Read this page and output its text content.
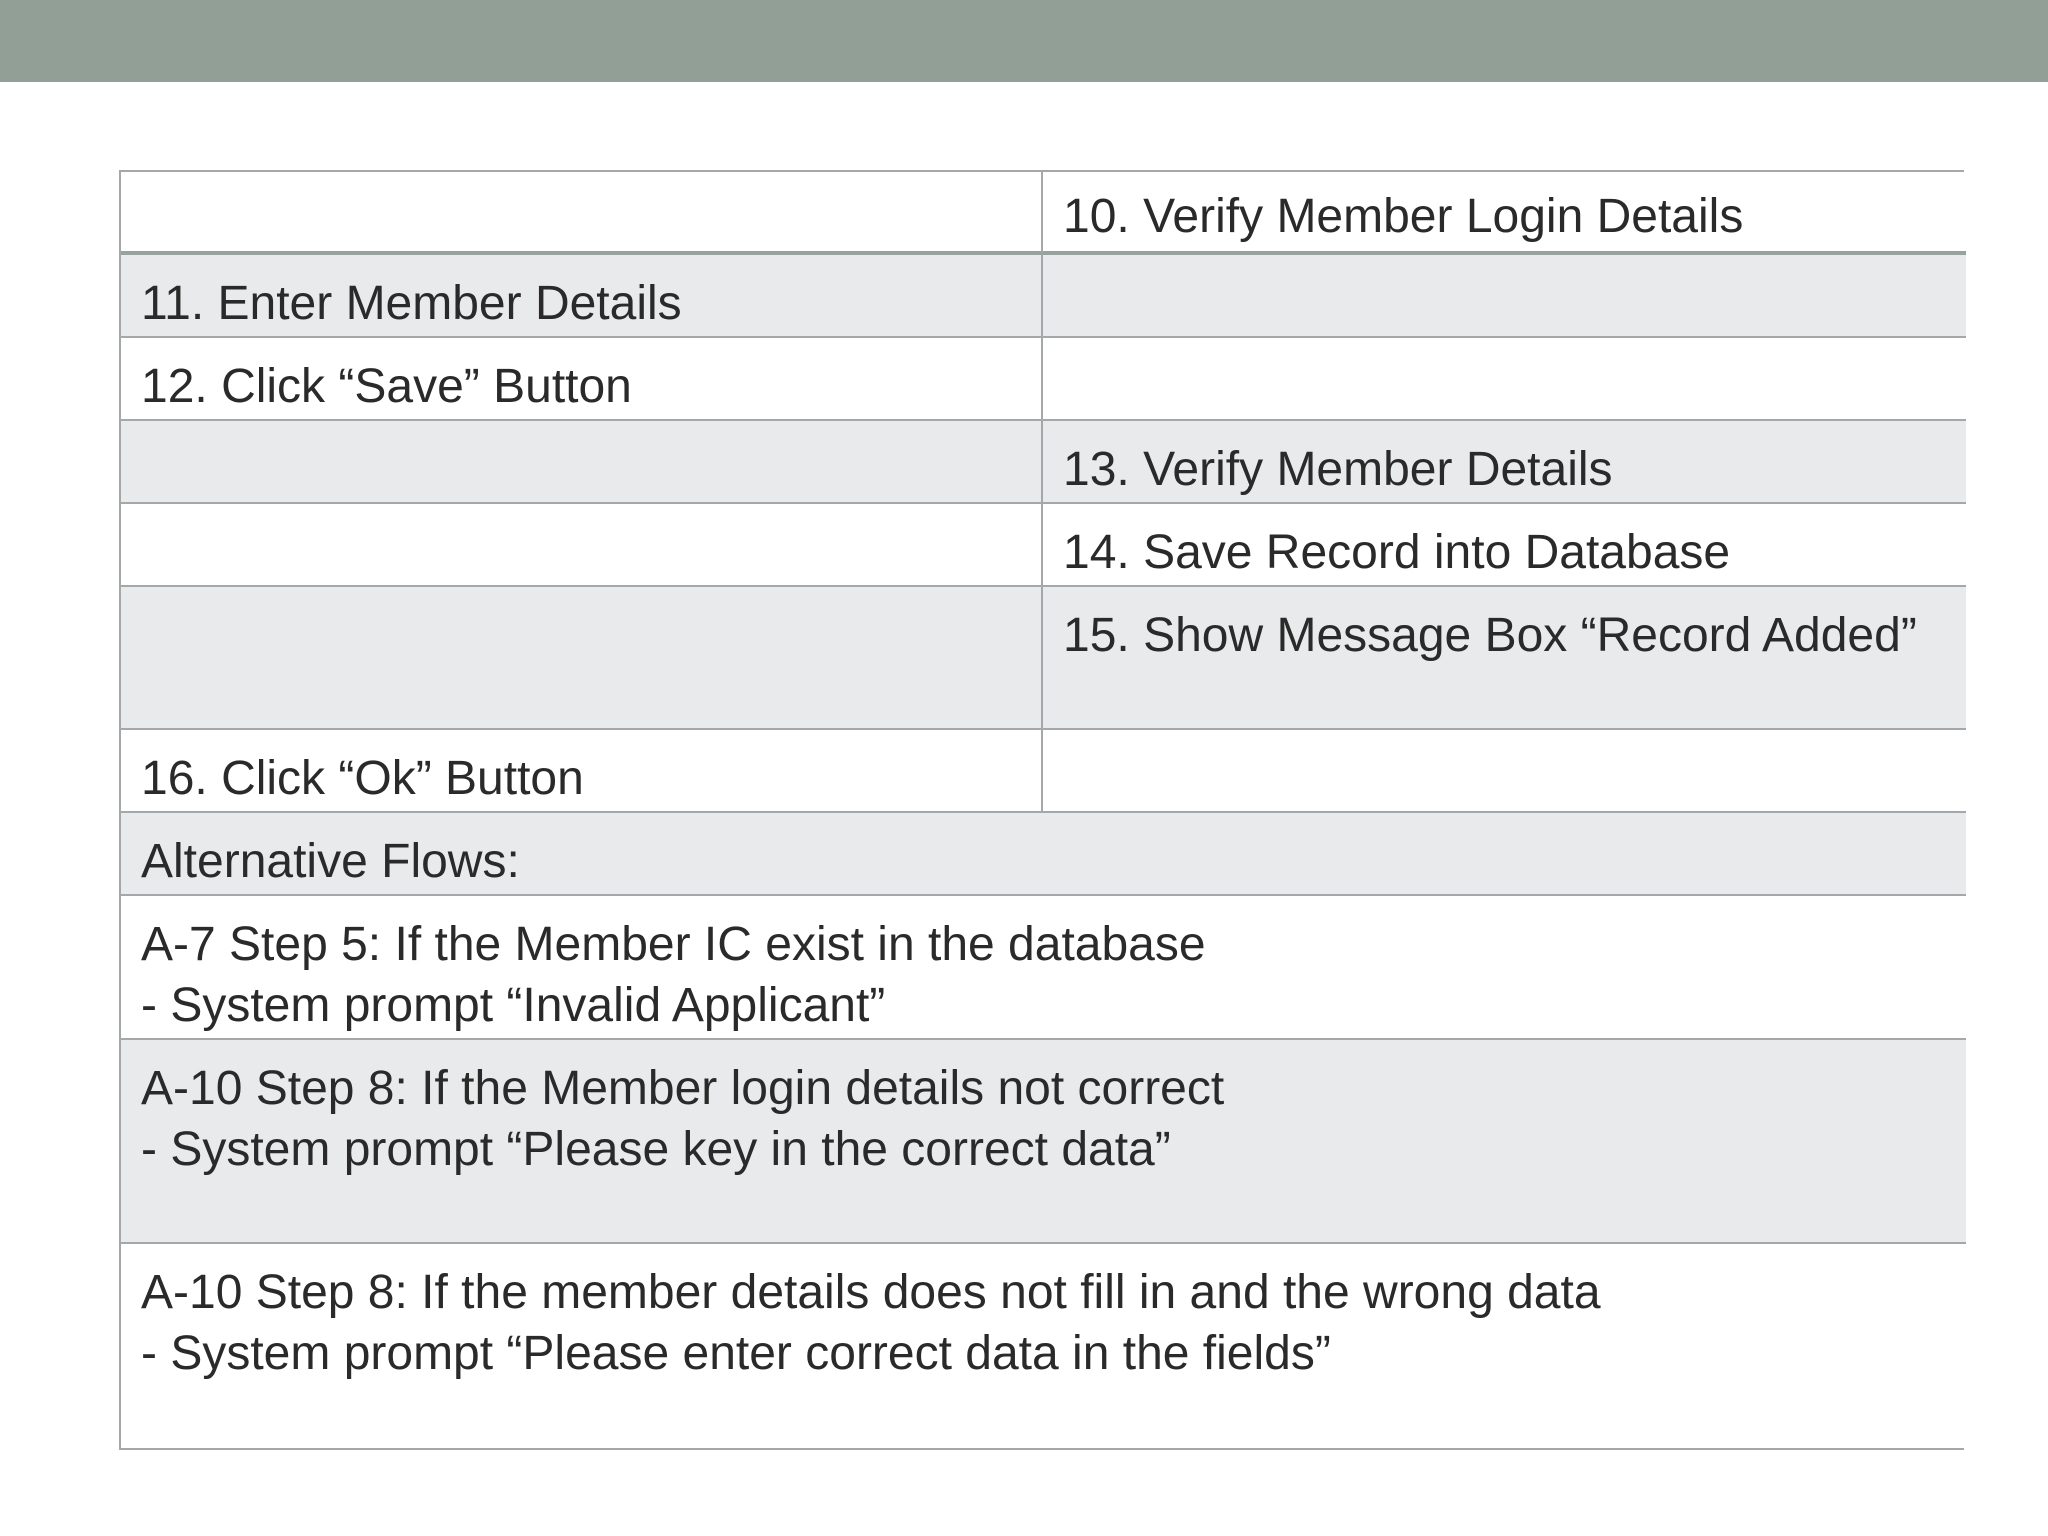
10. Verify Member Login Details
11. Enter Member Details
12. Click “Save” Button
13. Verify Member Details
14. Save Record into Database
15. Show Message Box “Record Added”
16. Click “Ok” Button
Alternative Flows:
A-7 Step 5: If the Member IC exist in the database
- System prompt “Invalid Applicant”
A-10 Step 8: If the Member login details not correct
- System prompt “Please key in the correct data”
A-10 Step 8: If the member details does not fill in and the wrong data
- System prompt “Please enter correct data in the fields”
